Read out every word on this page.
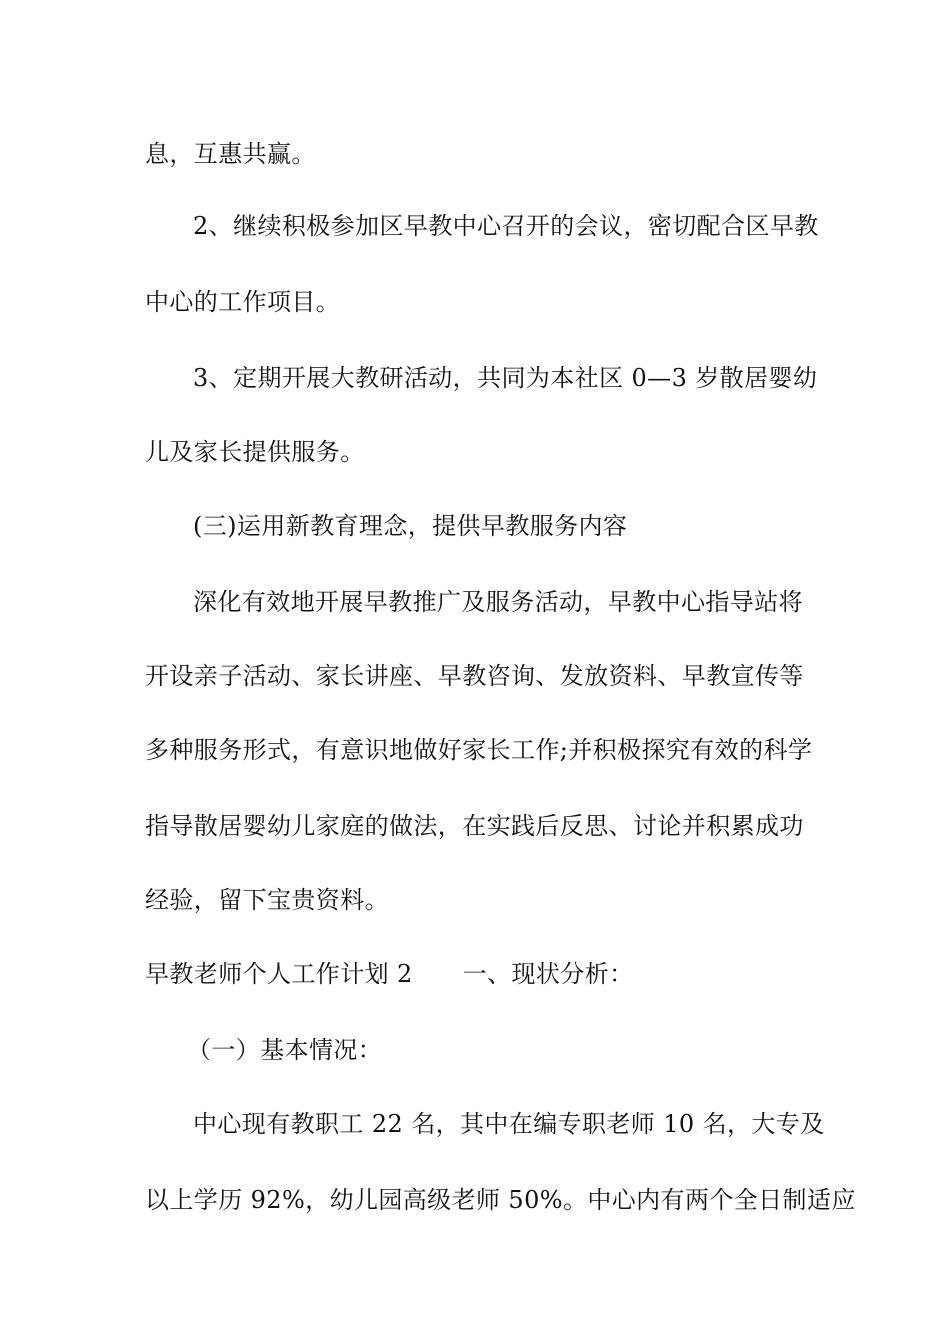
息，互惠共赢。
2、继续积极参加区早教中心召开的会议，密切配合区早教
中心的工作项目。
3、定期开展大教研活动，共同为本社区 0—3 岁散居婴幼
儿及家长提供服务。
(三)运用新教育理念，提供早教服务内容
深化有效地开展早教推广及服务活动，早教中心指导站将
开设亲子活动、家长讲座、早教咨询、发放资料、早教宣传等
多种服务形式，有意识地做好家长工作;并积极探究有效的科学
指导散居婴幼儿家庭的做法，在实践后反思、讨论并积累成功
经验，留下宝贵资料。
早教老师个人工作计划 2 一、现状分析：
（一）基本情况：
中心现有教职工 22 名，其中在编专职老师 10 名，大专及
以上学历 92%，幼儿园高级老师 50%。中心内有两个全日制适应
